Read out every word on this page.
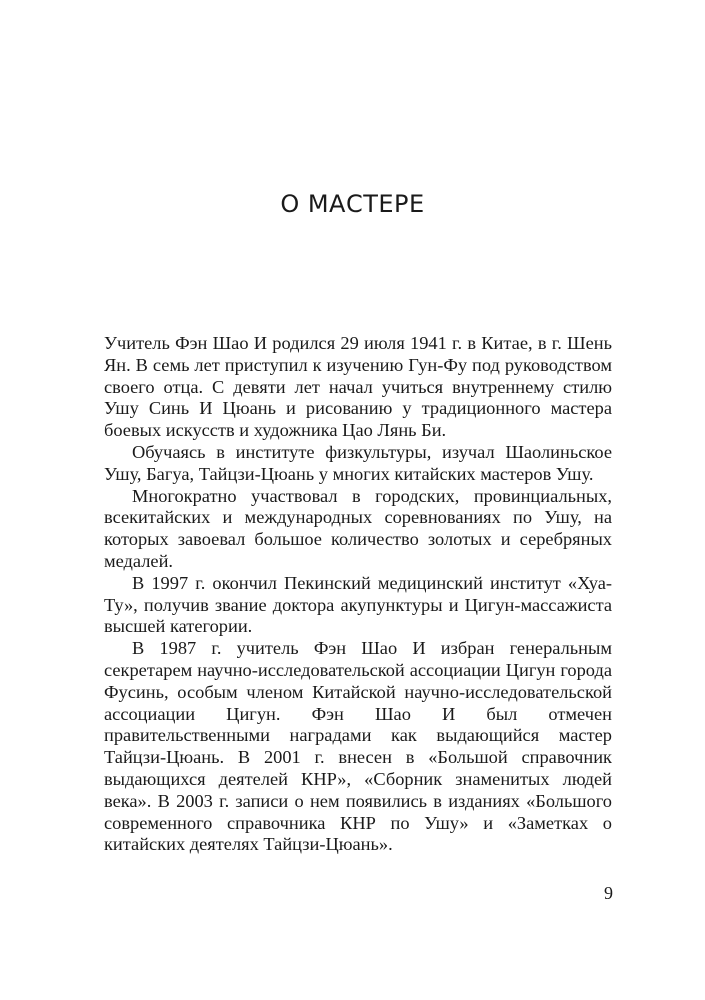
О МАСТЕРЕ

Учитель Фэн Шао И родился 29 июля 1941 г. в Китае, в г. Шень Ян. В семь лет приступил к изучению Гун-Фу под руководством своего отца. С девяти лет начал учиться внутреннему стилю Ушу Синь И Цюань и рисованию у традиционного мастера боевых искусств и художника Цао Лянь Би.

Обучаясь в институте физкультуры, изучал Шаолиньское Ушу, Багуа, Тайцзи-Цюань у многих китайских мастеров Ушу.

Многократно участвовал в городских, провинциальных, всекитайских и международных соревнованиях по Ушу, на которых завоевал большое количество золотых и серебряных медалей.

В 1997 г. окончил Пекинский медицинский институт «Хуа-Ту», получив звание доктора акупунктуры и Цигун-массажиста высшей категории.

В 1987 г. учитель Фэн Шао И избран генеральным секретарем научно-исследовательской ассоциации Цигун города Фусинь, особым членом Китайской научно-исследовательской ассоциации Цигун. Фэн Шао И был отмечен правительственными наградами как выдающийся мастер Тайцзи-Цюань. В 2001 г. внесен в «Большой справочник выдающихся деятелей КНР», «Сборник знаменитых людей века». В 2003 г. записи о нем появились в изданиях «Большого современного справочника КНР по Ушу» и «Заметках о китайских деятелях Тайцзи-Цюань».

9
